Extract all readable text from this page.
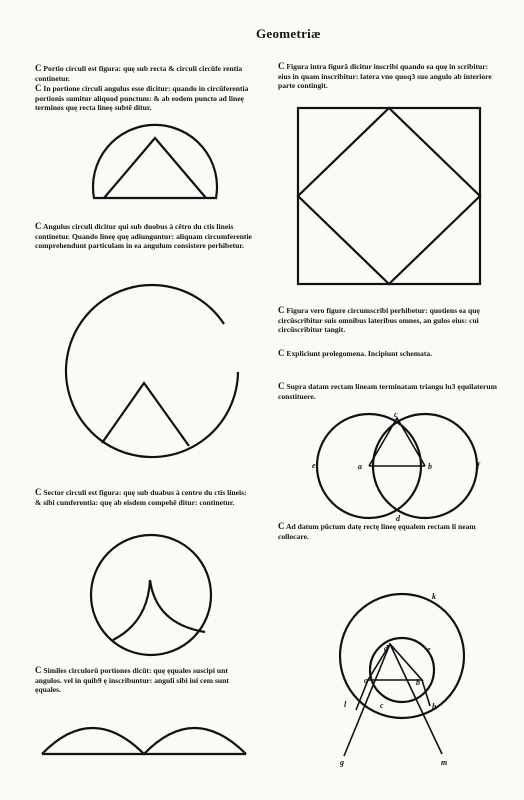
Geometriæ

C Portio circuli est figura: quę sub recta & circuli circũfe rentia continetur.

C In portione circuli angulus esse dicitur: quando in circũferentia portionis sumitur aliquod punctum: & ab eodem puncto ad lineę terminos quę recta lineę subtẽ ditur.

C Angulus circuli dicitur qui sub duobus à cẽtro du ctis lineis continetur. Quando lineę quę adiunguntur: aliquam circumferentie comprehendunt particulam in ea angulum consistere perhibetur.

C Sector circuli est figura: quę sub duabus à centro du ctis lineis: & sibi cumferentia: quę ab eisdem compehẽ ditur: continetur.

C Similes circulorũ portiones dicũt: quę ęquales suscipi unt angulos. vel in quib9 ę inscribuntur: anguli sibi iui cem sunt ęquales.

C Figura intra figurã dicitur inscribi quando ea quę in scribitur: eius in quam inscribitur: latera vno quoq3 suo angulo ab interiore parte contingit.

C Figura vero figure circumscribi perhibetur: quotiens ea quę circũscribitur suis omnibus lateribus omnes, an gulos eius: cui circũscribitur tangit.

C Expliciunt prolegomena. Incipiunt schemata.

C Supra datam rectam lineam terminatam triangu lu3 ęquilaterum constituere.

c
e	a	b	f
d

C Ad datum pũctum datę rectę lineę ęqualem rectam li neam collocare.

k
d	e
a	b
c
l	h
g	m
